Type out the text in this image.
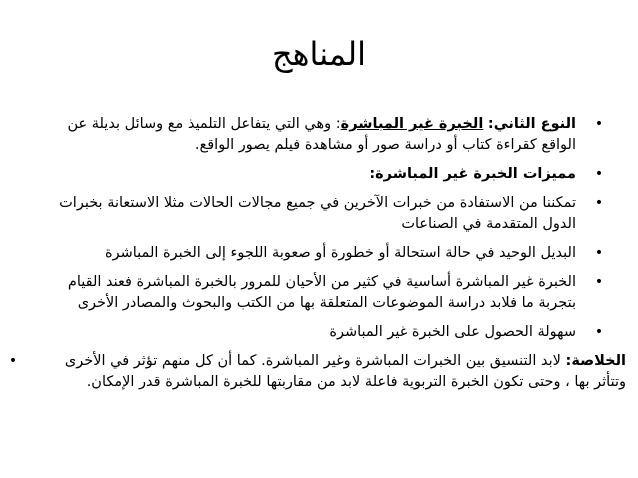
المناهج
•
النوع الثاني: الخبرة غير المباشرة: وهي التي يتفاعل التلميذ مع وسائل بديلة عن الواقع كقراءة كتاب أو دراسة صور أو مشاهدة فيلم يصور الواقع.
•
مميزات الخبرة غير المباشرة:
•
تمكننا من الاستفادة من خبرات الآخرين في جميع مجالات الحالات مثلا الاستعانة بخبرات الدول المتقدمة في الصناعات
•
البديل الوحيد في حالة استحالة أو خطورة أو صعوبة اللجوء إلى الخبرة المباشرة
•
الخبرة غير المباشرة أساسية في كثير من الأحيان للمرور بالخبرة المباشرة فعند القيام بتجربة ما فلابد دراسة الموضوعات المتعلقة بها من الكتب والبحوث والمصادر الأخرى
•
سهولة الحصول على الخبرة غير المباشرة
•	الخلاصة: لابد التنسيق بين الخبرات المباشرة وغير المباشرة. كما أن كل منهم تؤثر في الأخرى وتتأثر بها ، وحتى تكون الخبرة التربوية فاعلة لابد من مقاربتها للخبرة المباشرة قدر الإمكان.
